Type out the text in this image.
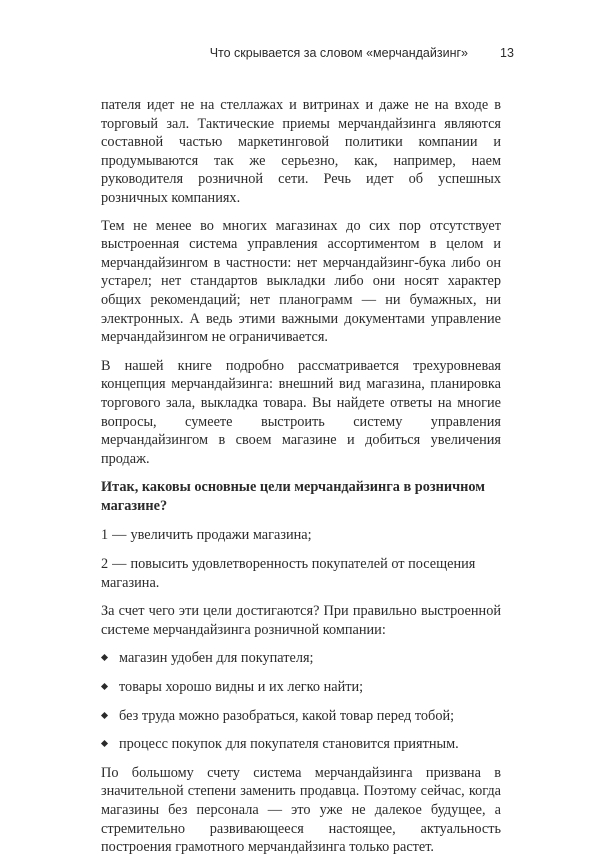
Что скрывается за словом «мерчандайзинг»	13

пателя идет не на стеллажах и витринах и даже не на входе в торговый зал. Тактические приемы мерчандайзинга являются составной частью маркетинговой политики компании и продумываются так же серьезно, как, например, наем руководителя розничной сети. Речь идет об успешных розничных компаниях.

Тем не менее во многих магазинах до сих пор отсутствует выстроенная система управления ассортиментом в целом и мерчандайзингом в частности: нет мерчандайзинг-бука либо он устарел; нет стандартов выкладки либо они носят характер общих рекомендаций; нет планограмм — ни бумажных, ни электронных. А ведь этими важными документами управление мерчандайзингом не ограничивается.

В нашей книге подробно рассматривается трехуровневая концепция мерчандайзинга: внешний вид магазина, планировка торгового зала, выкладка товара. Вы найдете ответы на многие вопросы, сумеете выстроить систему управления мерчандайзингом в своем магазине и добиться увеличения продаж.

Итак, каковы основные цели мерчандайзинга в розничном магазине?

1 — увеличить продажи магазина;

2 — повысить удовлетворенность покупателей от посещения магазина.

За счет чего эти цели достигаются? При правильно выстроенной системе мерчандайзинга розничной компании:

магазин удобен для покупателя;
товары хорошо видны и их легко найти;
без труда можно разобраться, какой товар перед тобой;
процесс покупок для покупателя становится приятным.

По большому счету система мерчандайзинга призвана в значительной степени заменить продавца. Поэтому сейчас, когда магазины без персонала — это уже не далекое будущее, а стремительно развивающееся настоящее, актуальность построения грамотного мерчандайзинга только растет.
